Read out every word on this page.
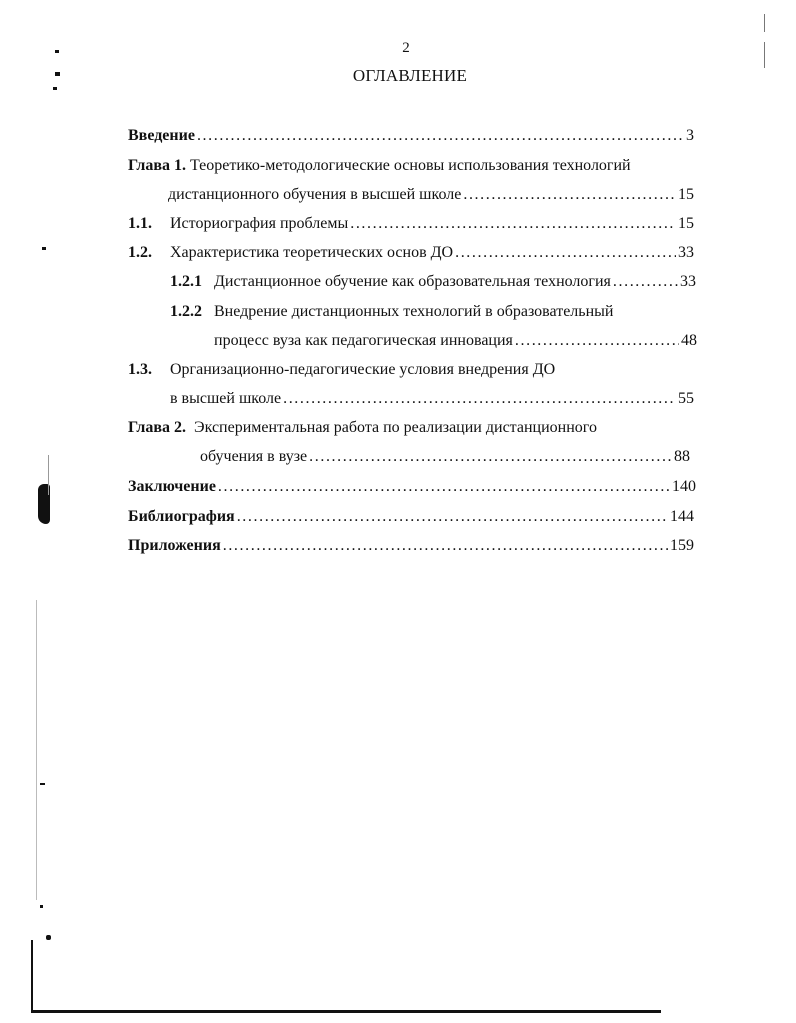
2
ОГЛАВЛЕНИЕ
Введение . . .	3
Глава 1. Теоретико-методологические основы использования технологий
дистанционного обучения в высшей школе . . .	15
1.1. Историография проблемы . . .	15
1.2. Характеристика теоретических основ ДО . . .	33
1.2.1 Дистанционное обучение как образовательная технология . . .	33
1.2.2 Внедрение дистанционных технологий в образовательный
процесс вуза как педагогическая инновация . . .	48
1.3. Организационно-педагогические условия внедрения ДО
в высшей школе . . .	55
Глава 2. Экспериментальная работа по реализации дистанционного
обучения в вузе . . .	88
Заключение . . .	140
Библиография . . .	144
Приложения . . .	159
